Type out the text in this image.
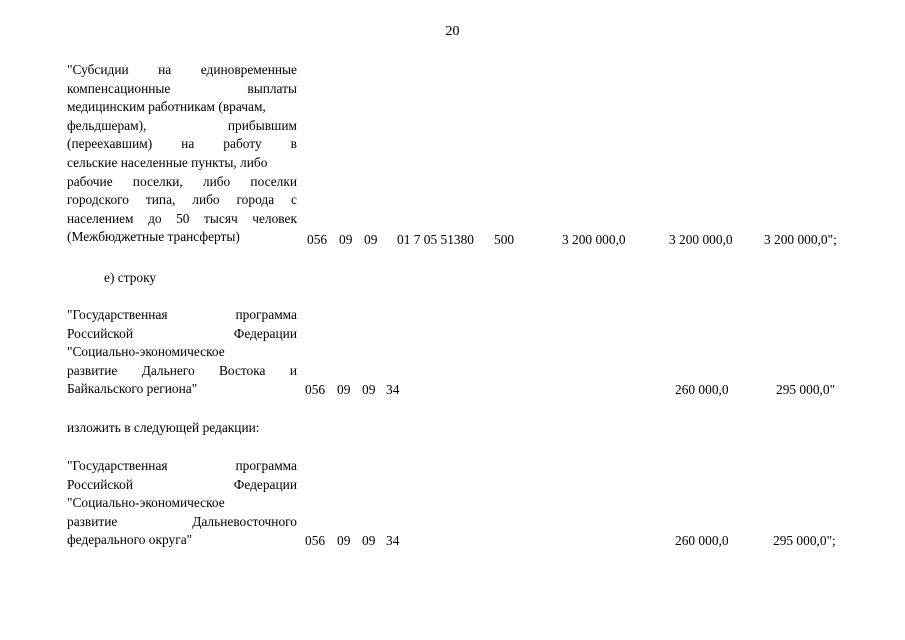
20
"Субсидии на единовременные
компенсационные выплаты
медицинским работникам (врачам,
фельдшерам), прибывшим
(переехавшим) на работу в
сельские населенные пункты, либо
рабочие поселки, либо поселки
городского типа, либо города с
населением до 50 тысяч человек
(Межбюджетные трансферты)	056 09 09 01 7 05 51380 500	3 200 000,0	3 200 000,0 3 200 000,0";
е) строку
"Государственная программа
Российской Федерации
"Социально-экономическое
развитие Дальнего Востока и
Байкальского региона"	056 09 09 34	260 000,0	295 000,0"
изложить в следующей редакции:
"Государственная программа
Российской Федерации
"Социально-экономическое
развитие Дальневосточного
федерального округа"	056 09 09 34	260 000,0	295 000,0";
